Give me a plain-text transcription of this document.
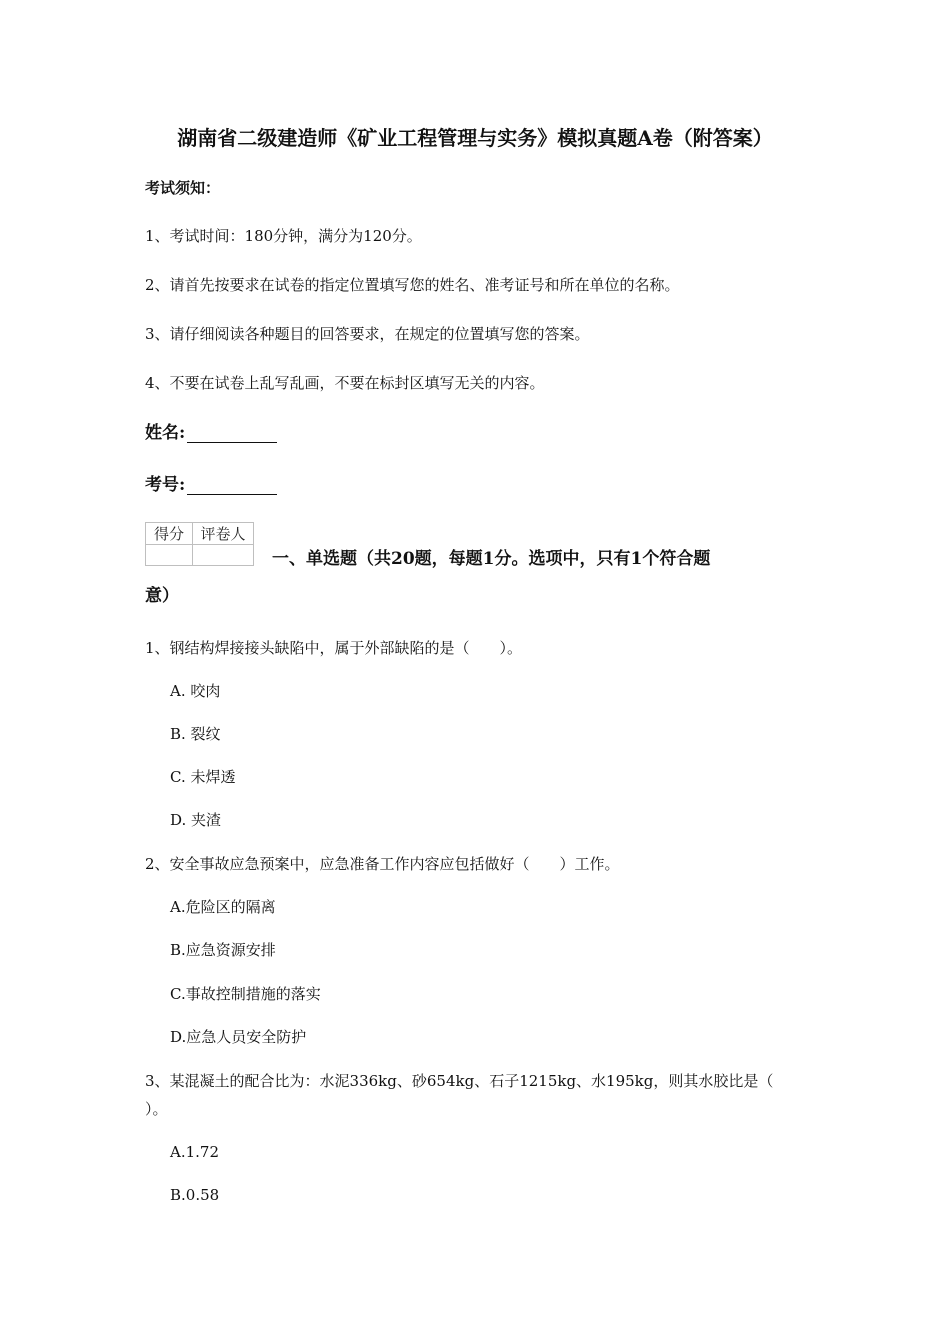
湖南省二级建造师《矿业工程管理与实务》模拟真题A卷（附答案）
考试须知：
1、考试时间：180分钟，满分为120分。
2、请首先按要求在试卷的指定位置填写您的姓名、准考证号和所在单位的名称。
3、请仔细阅读各种题目的回答要求，在规定的位置填写您的答案。
4、不要在试卷上乱写乱画，不要在标封区填写无关的内容。
姓名:
考号:
得分	评卷人

一、单选题（共20题，每题1分。选项中，只有1个符合题
意）
1、钢结构焊接接头缺陷中，属于外部缺陷的是（　　）。
A. 咬肉
B. 裂纹
C. 未焊透
D. 夹渣
2、安全事故应急预案中，应急准备工作内容应包括做好（　　）工作。
A.危险区的隔离
B.应急资源安排
C.事故控制措施的落实
D.应急人员安全防护
3、某混凝土的配合比为：水泥336kg、砂654kg、石子1215kg、水195kg，则其水胶比是（
）。
A.1.72
B.0.58
